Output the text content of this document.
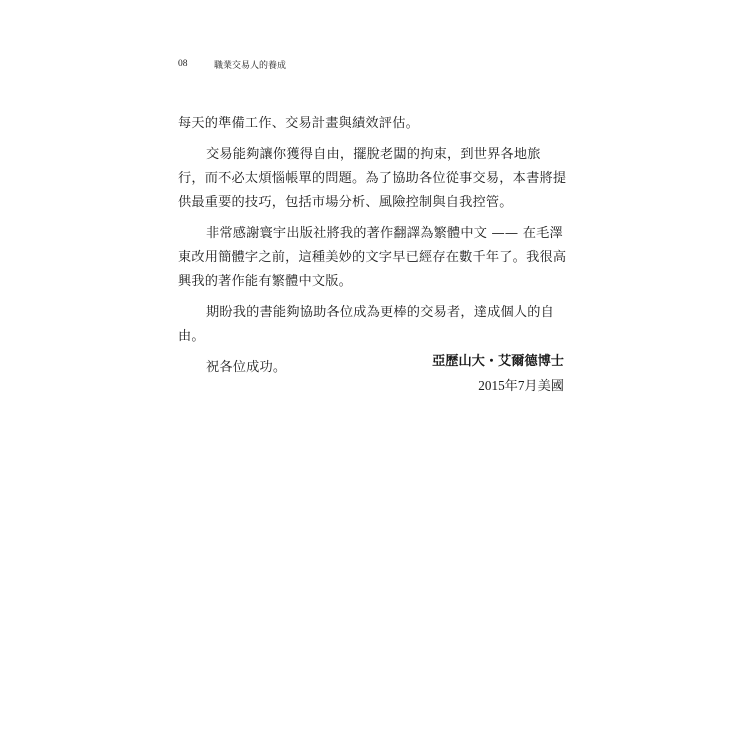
08	職業交易人的養成

每天的準備工作、交易計畫與績效評估。

交易能夠讓你獲得自由，擺脫老闆的拘束，到世界各地旅
行，而不必太煩惱帳單的問題。為了協助各位從事交易，本書將提
供最重要的技巧，包括市場分析、風險控制與自我控管。

非常感謝寰宇出版社將我的著作翻譯為繁體中文 —— 在毛澤
東改用簡體字之前，這種美妙的文字早已經存在數千年了。我很高
興我的著作能有繁體中文版。

期盼我的書能夠協助各位成為更棒的交易者，達成個人的自
由。

祝各位成功。	亞歷山大・艾爾德博士
2015年7月美國
